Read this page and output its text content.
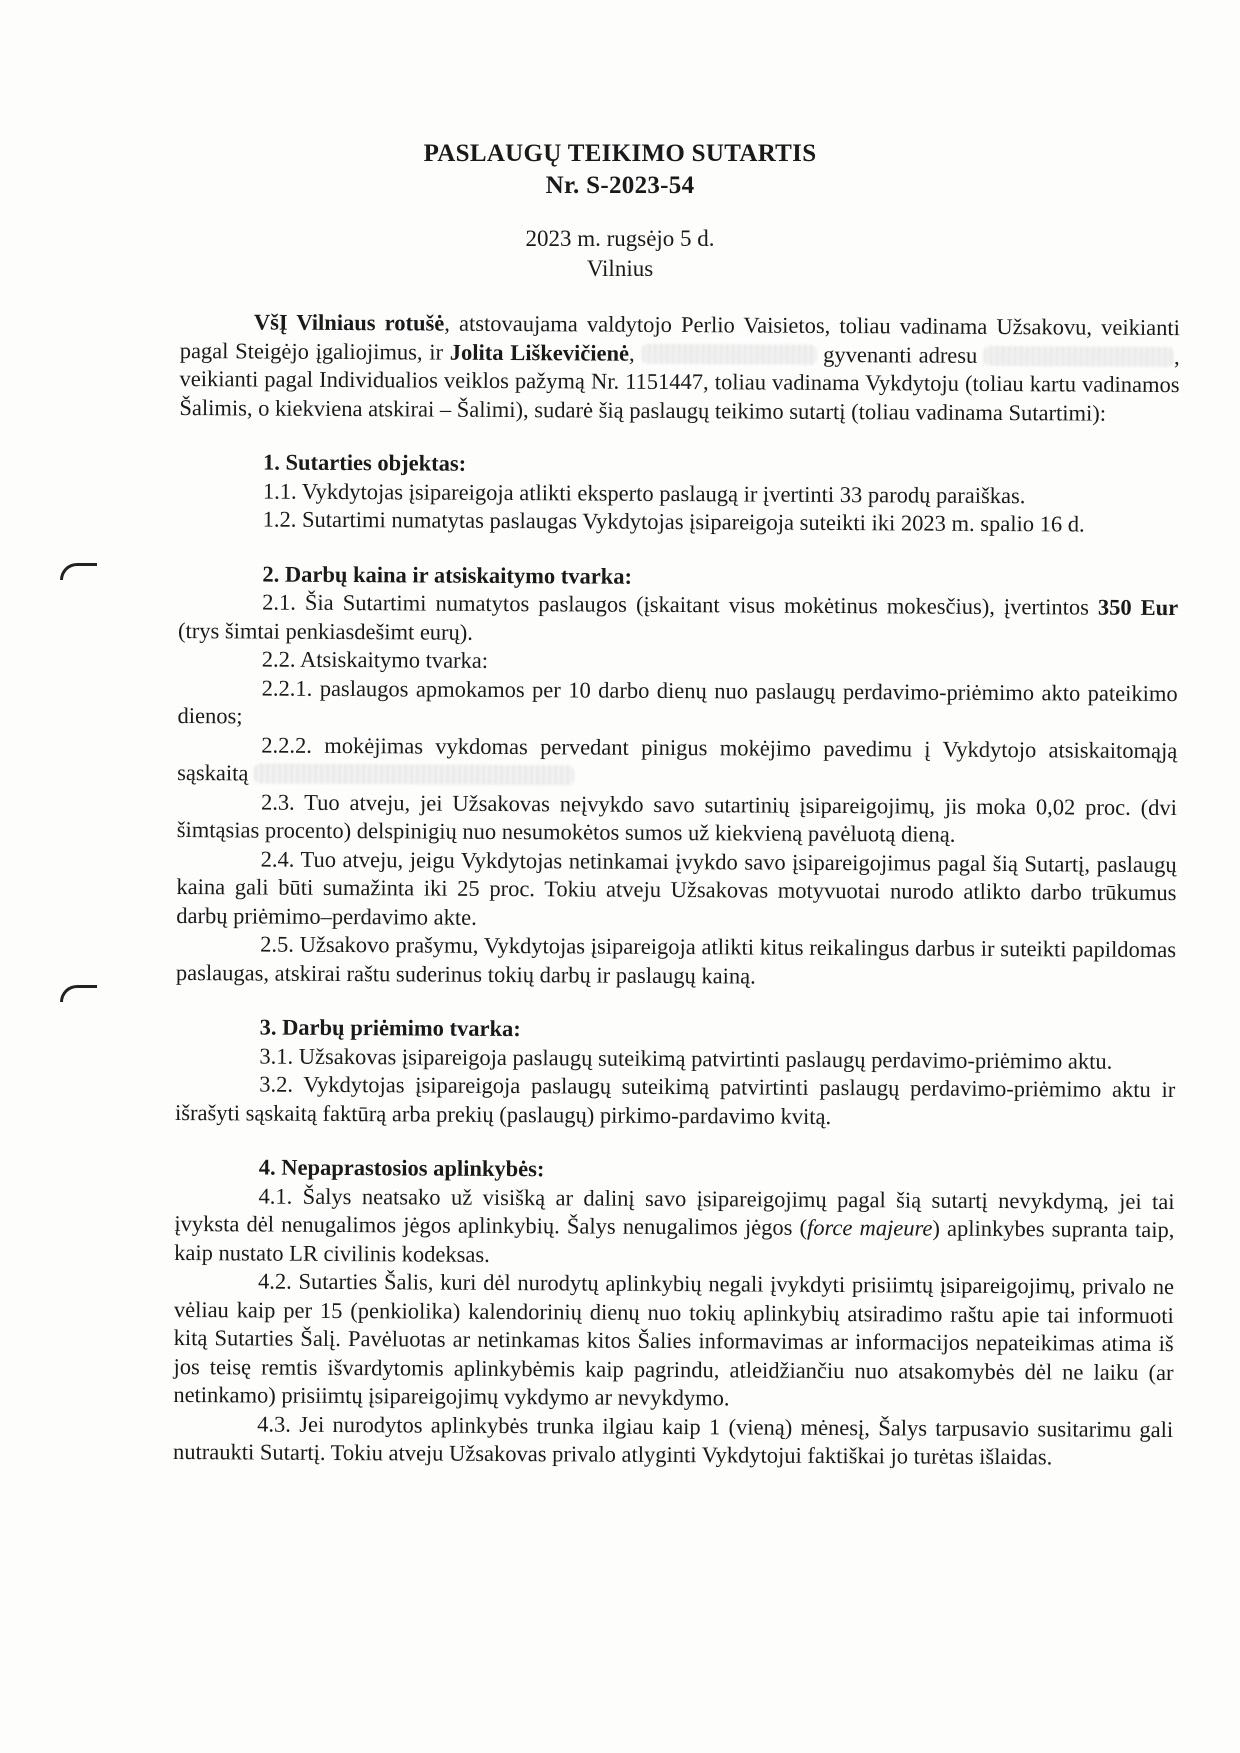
PASLAUGŲ TEIKIMO SUTARTIS
Nr. S-2023-54
2023 m. rugsėjo 5 d.
Vilnius

VšĮ Vilniaus rotušė, atstovaujama valdytojo Perlio Vaisietos, toliau vadinama Užsakovu, veikianti pagal Steigėjo įgaliojimus, ir Jolita Liškevičienė,	gyvenanti adresu	, veikianti pagal Individualios veiklos pažymą Nr. 1151447, toliau vadinama Vykdytoju (toliau kartu vadinamos Šalimis, o kiekviena atskirai – Šalimi), sudarė šią paslaugų teikimo sutartį (toliau vadinama Sutartimi):

1. Sutarties objektas:

1.1. Vykdytojas įsipareigoja atlikti eksperto paslaugą ir įvertinti 33 parodų paraiškas.

1.2. Sutartimi numatytas paslaugas Vykdytojas įsipareigoja suteikti iki 2023 m. spalio 16 d.

2. Darbų kaina ir atsiskaitymo tvarka:

2.1. Šia Sutartimi numatytos paslaugos (įskaitant visus mokėtinus mokesčius), įvertintos 350 Eur (trys šimtai penkiasdešimt eurų).

2.2. Atsiskaitymo tvarka:

2.2.1. paslaugos apmokamos per 10 darbo dienų nuo paslaugų perdavimo-priėmimo akto pateikimo dienos;

2.2.2. mokėjimas vykdomas pervedant pinigus mokėjimo pavedimu į Vykdytojo atsiskaitomąją sąskaitą

2.3. Tuo atveju, jei Užsakovas neįvykdo savo sutartinių įsipareigojimų, jis moka 0,02 proc. (dvi šimtąsias procento) delspinigių nuo nesumokėtos sumos už kiekvieną pavėluotą dieną.

2.4. Tuo atveju, jeigu Vykdytojas netinkamai įvykdo savo įsipareigojimus pagal šią Sutartį, paslaugų kaina gali būti sumažinta iki 25 proc. Tokiu atveju Užsakovas motyvuotai nurodo atlikto darbo trūkumus darbų priėmimo–perdavimo akte.

2.5. Užsakovo prašymu, Vykdytojas įsipareigoja atlikti kitus reikalingus darbus ir suteikti papildomas paslaugas, atskirai raštu suderinus tokių darbų ir paslaugų kainą.

3. Darbų priėmimo tvarka:

3.1. Užsakovas įsipareigoja paslaugų suteikimą patvirtinti paslaugų perdavimo-priėmimo aktu.

3.2. Vykdytojas įsipareigoja paslaugų suteikimą patvirtinti paslaugų perdavimo-priėmimo aktu ir išrašyti sąskaitą faktūrą arba prekių (paslaugų) pirkimo-pardavimo kvitą.

4. Nepaprastosios aplinkybės:

4.1. Šalys neatsako už visišką ar dalinį savo įsipareigojimų pagal šią sutartį nevykdymą, jei tai įvyksta dėl nenugalimos jėgos aplinkybių. Šalys nenugalimos jėgos (force majeure) aplinkybes supranta taip, kaip nustato LR civilinis kodeksas.

4.2. Sutarties Šalis, kuri dėl nurodytų aplinkybių negali įvykdyti prisiimtų įsipareigojimų, privalo ne vėliau kaip per 15 (penkiolika) kalendorinių dienų nuo tokių aplinkybių atsiradimo raštu apie tai informuoti kitą Sutarties Šalį. Pavėluotas ar netinkamas kitos Šalies informavimas ar informacijos nepateikimas atima iš jos teisę remtis išvardytomis aplinkybėmis kaip pagrindu, atleidžiančiu nuo atsakomybės dėl ne laiku (ar netinkamo) prisiimtų įsipareigojimų vykdymo ar nevykdymo.

4.3. Jei nurodytos aplinkybės trunka ilgiau kaip 1 (vieną) mėnesį, Šalys tarpusavio susitarimu gali nutraukti Sutartį. Tokiu atveju Užsakovas privalo atlyginti Vykdytojui faktiškai jo turėtas išlaidas.
